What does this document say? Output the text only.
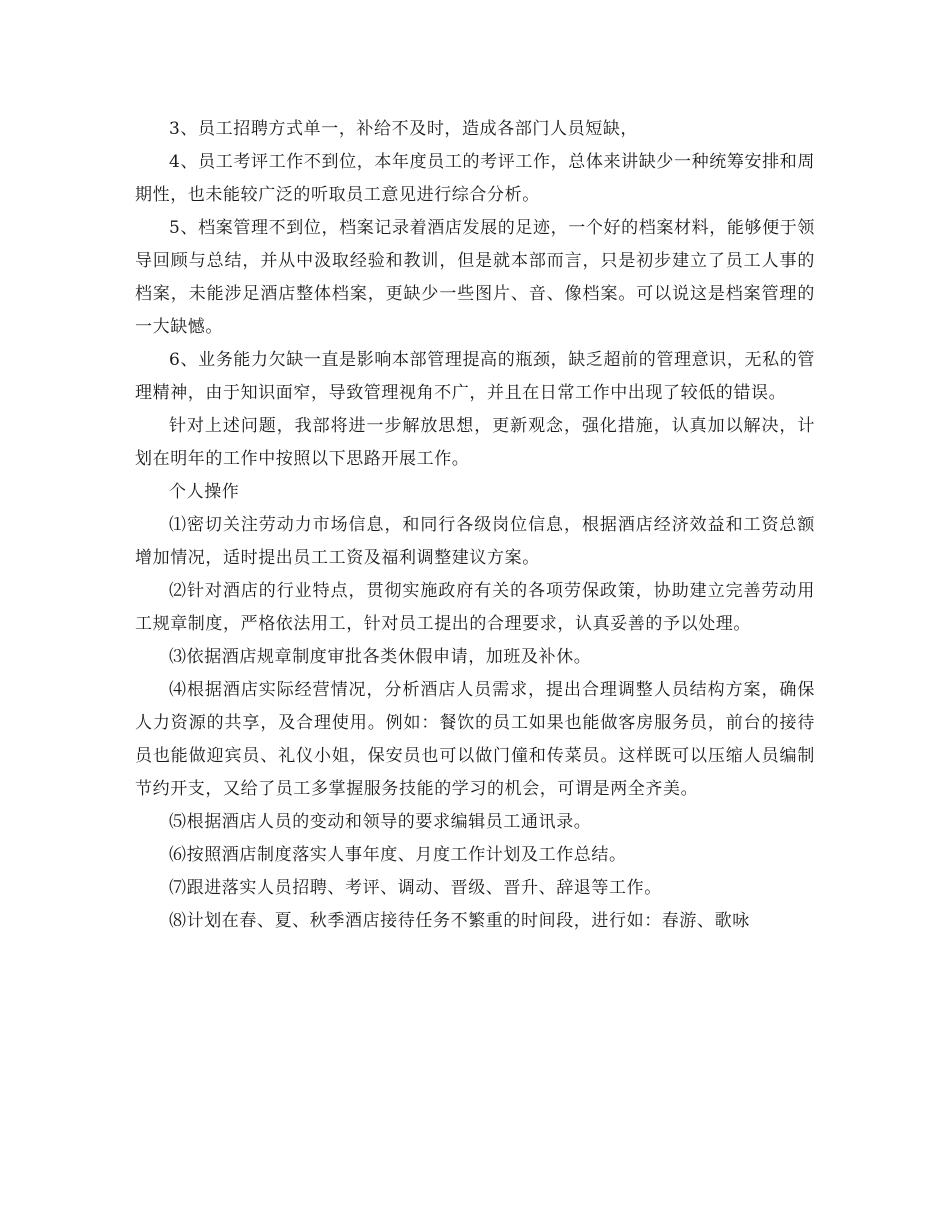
3、员工招聘方式单一，补给不及时，造成各部门人员短缺，

4、员工考评工作不到位，本年度员工的考评工作，总体来讲缺少一种统筹安排和周期性，也未能较广泛的听取员工意见进行综合分析。

5、档案管理不到位，档案记录着酒店发展的足迹，一个好的档案材料，能够便于领导回顾与总结，并从中汲取经验和教训，但是就本部而言，只是初步建立了员工人事的档案，未能涉足酒店整体档案，更缺少一些图片、音、像档案。可以说这是档案管理的一大缺憾。

6、业务能力欠缺一直是影响本部管理提高的瓶颈，缺乏超前的管理意识，无私的管理精神，由于知识面窄，导致管理视角不广，并且在日常工作中出现了较低的错误。

针对上述问题，我部将进一步解放思想，更新观念，强化措施，认真加以解决，计划在明年的工作中按照以下思路开展工作。

个人操作

⑴密切关注劳动力市场信息，和同行各级岗位信息，根据酒店经济效益和工资总额增加情况，适时提出员工工资及福利调整建议方案。

⑵针对酒店的行业特点，贯彻实施政府有关的各项劳保政策，协助建立完善劳动用工规章制度，严格依法用工，针对员工提出的合理要求，认真妥善的予以处理。

⑶依据酒店规章制度审批各类休假申请，加班及补休。

⑷根据酒店实际经营情况，分析酒店人员需求，提出合理调整人员结构方案，确保人力资源的共享，及合理使用。例如：餐饮的员工如果也能做客房服务员，前台的接待员也能做迎宾员、礼仪小姐，保安员也可以做门僮和传菜员。这样既可以压缩人员编制节约开支，又给了员工多掌握服务技能的学习的机会，可谓是两全齐美。

⑸根据酒店人员的变动和领导的要求编辑员工通讯录。

⑹按照酒店制度落实人事年度、月度工作计划及工作总结。

⑺跟进落实人员招聘、考评、调动、晋级、晋升、辞退等工作。

⑻计划在春、夏、秋季酒店接待任务不繁重的时间段，进行如：春游、歌咏
